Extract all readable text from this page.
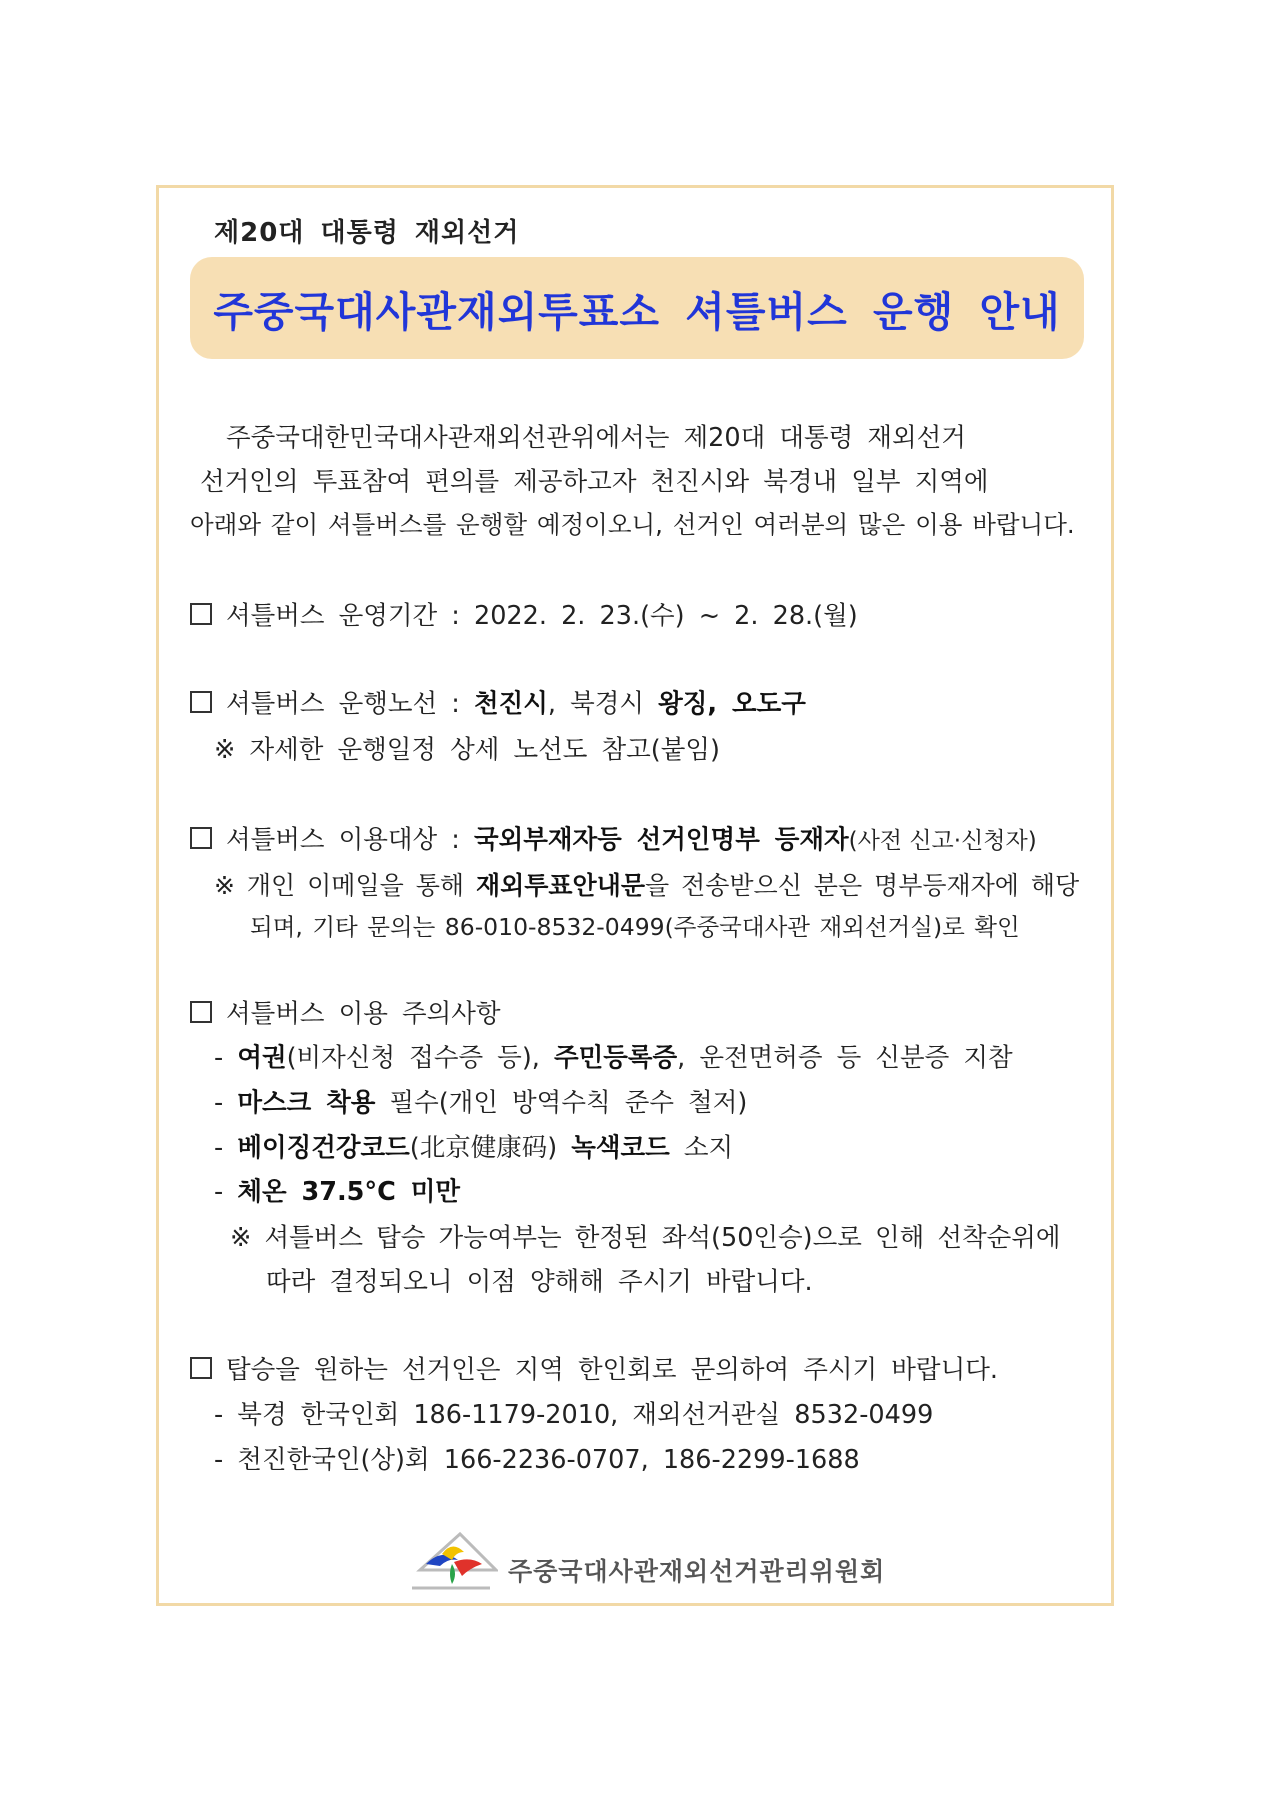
제20대 대통령 재외선거
주중국대사관재외투표소 셔틀버스 운행 안내
주중국대한민국대사관재외선관위에서는 제20대 대통령 재외선거
선거인의 투표참여 편의를 제공하고자 천진시와 북경내 일부 지역에
아래와 같이 셔틀버스를 운행할 예정이오니, 선거인 여러분의 많은 이용 바랍니다.
셔틀버스 운영기간 : 2022. 2. 23.(수) ~ 2. 28.(월)
셔틀버스 운행노선 : 천진시, 북경시 왕징, 오도구
※ 자세한 운행일정 상세 노선도 참고(붙임)
셔틀버스 이용대상 : 국외부재자등 선거인명부 등재자(사전 신고·신청자)
※ 개인 이메일을 통해 재외투표안내문을 전송받으신 분은 명부등재자에 해당
되며, 기타 문의는 86-010-8532-0499(주중국대사관 재외선거실)로 확인
셔틀버스 이용 주의사항
- 여권(비자신청 접수증 등), 주민등록증, 운전면허증 등 신분증 지참
- 마스크 착용 필수(개인 방역수칙 준수 철저)
- 베이징건강코드(北京健康码) 녹색코드 소지
- 체온 37.5°C 미만
※ 셔틀버스 탑승 가능여부는 한정된 좌석(50인승)으로 인해 선착순위에
따라 결정되오니 이점 양해해 주시기 바랍니다.
탑승을 원하는 선거인은 지역 한인회로 문의하여 주시기 바랍니다.
- 북경 한국인회 186-1179-2010, 재외선거관실 8532-0499
- 천진한국인(상)회 166-2236-0707, 186-2299-1688
주중국대사관재외선거관리위원회
